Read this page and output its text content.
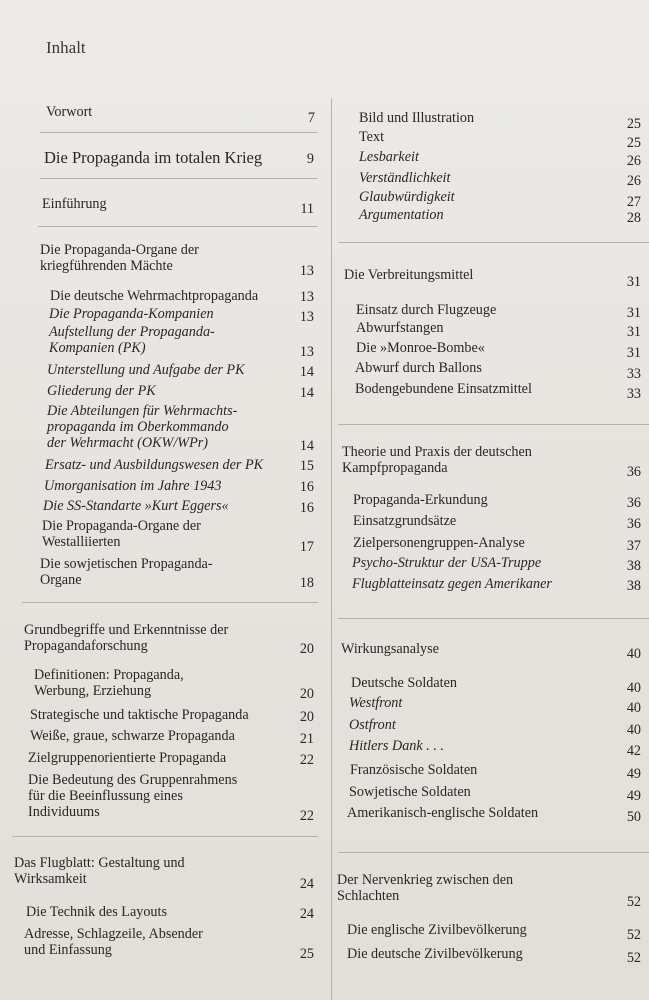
Inhalt
Vorwort	7
Die Propaganda im totalen Krieg	9
Einführung	11
Die Propaganda-Organe der
kriegführenden Mächte	13
Die deutsche Wehrmachtpropaganda	13
Die Propaganda-Kompanien	13
Aufstellung der Propaganda-
Kompanien (PK)	13
Unterstellung und Aufgabe der PK	14
Gliederung der PK	14
Die Abteilungen für Wehrmachts-
propaganda im Oberkommando
der Wehrmacht (OKW/WPr)	14
Ersatz- und Ausbildungswesen der PK	15
Umorganisation im Jahre 1943	16
Die SS-Standarte »Kurt Eggers«	16
Die Propaganda-Organe der
Westalliierten	17
Die sowjetischen Propaganda-
Organe	18
Grundbegriffe und Erkenntnisse der
Propagandaforschung	20
Definitionen: Propaganda,
Werbung, Erziehung	20
Strategische und taktische Propaganda	20
Weiße, graue, schwarze Propaganda	21
Zielgruppenorientierte Propaganda	22
Die Bedeutung des Gruppenrahmens
für die Beeinflussung eines
Individuums	22
Das Flugblatt: Gestaltung und
Wirksamkeit	24
Die Technik des Layouts	24
Adresse, Schlagzeile, Absender
und Einfassung	25
Bild und Illustration	25
Text	25
Lesbarkeit	26
Verständlichkeit	26
Glaubwürdigkeit	27
Argumentation	28
Die Verbreitungsmittel	31
Einsatz durch Flugzeuge	31
Abwurfstangen	31
Die »Monroe-Bombe«	31
Abwurf durch Ballons	33
Bodengebundene Einsatzmittel	33
Theorie und Praxis der deutschen
Kampfpropaganda	36
Propaganda-Erkundung	36
Einsatzgrundsätze	36
Zielpersonengruppen-Analyse	37
Psycho-Struktur der USA-Truppe	38
Flugblatteinsatz gegen Amerikaner	38
Wirkungsanalyse	40
Deutsche Soldaten	40
Westfront	40
Ostfront	40
Hitlers Dank . . .	42
Französische Soldaten	49
Sowjetische Soldaten	49
Amerikanisch-englische Soldaten	50
Der Nervenkrieg zwischen den
Schlachten	52
Die englische Zivilbevölkerung	52
Die deutsche Zivilbevölkerung	52
